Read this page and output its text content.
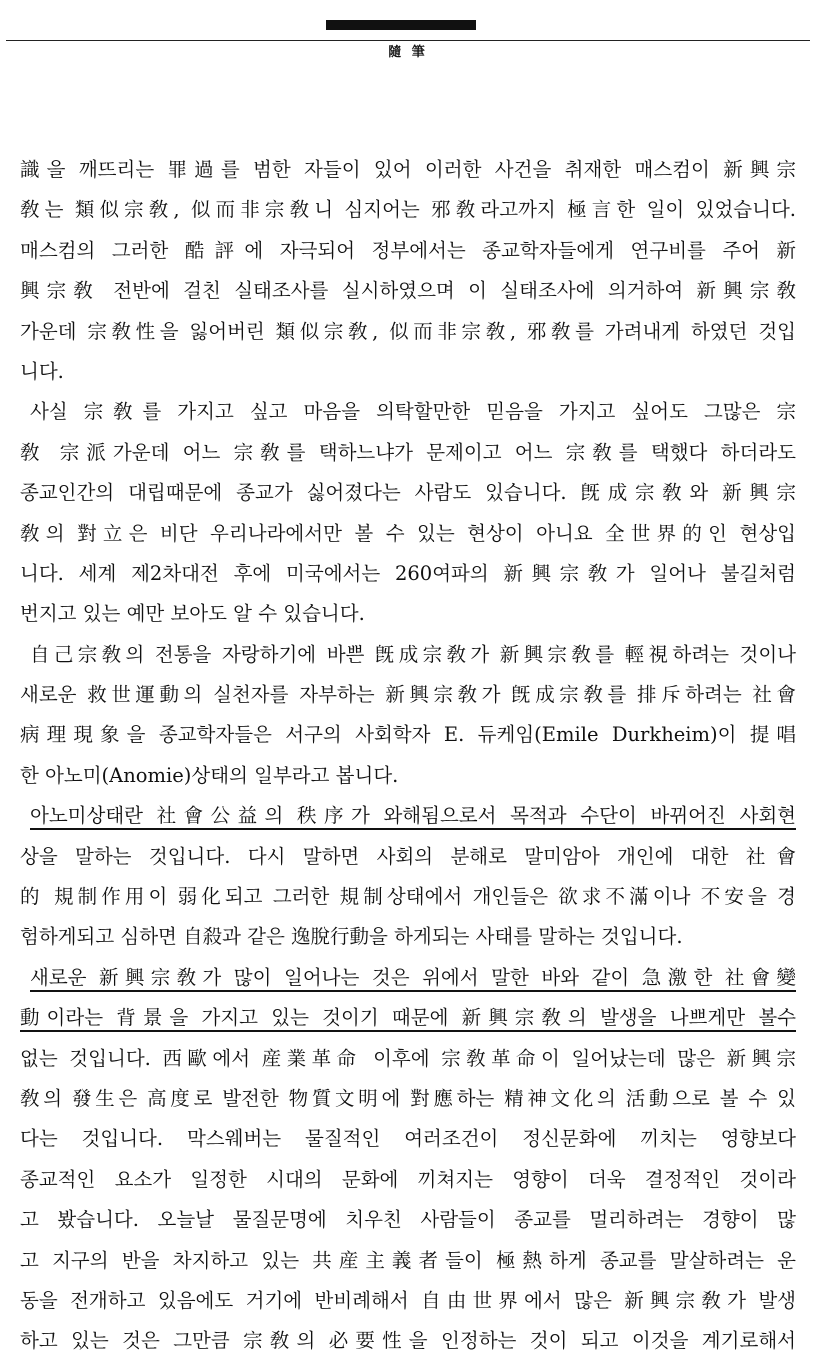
隨 筆
識을 깨뜨리는 罪過를 범한 자들이 있어 이러한 사건을 취재한 매스컴이 新興宗
敎는 類似宗敎, 似而非宗敎니 심지어는 邪敎라고까지 極言한 일이 있었습니다.
매스컴의 그러한 酷評에 자극되어 정부에서는 종교학자들에게 연구비를 주어 新
興宗敎 전반에 걸친 실태조사를 실시하였으며 이 실태조사에 의거하여 新興宗敎
가운데 宗敎性을 잃어버린 類似宗敎, 似而非宗敎, 邪敎를 가려내게 하였던 것입
니다.
사실 宗敎를 가지고 싶고 마음을 의탁할만한 믿음을 가지고 싶어도 그많은 宗
敎 宗派가운데 어느 宗敎를 택하느냐가 문제이고 어느 宗敎를 택했다 하더라도
종교인간의 대립때문에 종교가 싫어졌다는 사람도 있습니다. 旣成宗敎와 新興宗
敎의 對立은 비단 우리나라에서만 볼 수 있는 현상이 아니요 全世界的인 현상입
니다. 세계 제2차대전 후에 미국에서는 260여파의 新興宗敎가 일어나 불길처럼
번지고 있는 예만 보아도 알 수 있습니다.
自己宗敎의 전통을 자랑하기에 바쁜 旣成宗敎가 新興宗敎를 輕視하려는 것이나
새로운 救世運動의 실천자를 자부하는 新興宗敎가 旣成宗敎를 排斥하려는 社會
病理現象을 종교학자들은 서구의 사회학자 E. 듀케임(Emile Durkheim)이 提唱
한 아노미(Anomie)상태의 일부라고 봅니다.
아노미상태란 社會公益의 秩序가 와해됨으로서 목적과 수단이 바뀌어진 사회현
상을 말하는 것입니다. 다시 말하면 사회의 분해로 말미암아 개인에 대한 社會
的 規制作用이 弱化되고 그러한 規制상태에서 개인들은 欲求不滿이나 不安을 경
험하게되고 심하면 自殺과 같은 逸脫行動을 하게되는 사태를 말하는 것입니다.
새로운 新興宗敎가 많이 일어나는 것은 위에서 말한 바와 같이 急激한 社會變
動이라는 背景을 가지고 있는 것이기 때문에 新興宗敎의 발생을 나쁘게만 볼수
없는 것입니다. 西歐에서 産業革命 이후에 宗敎革命이 일어났는데 많은 新興宗
敎의 發生은 高度로 발전한 物質文明에 對應하는 精神文化의 活動으로 볼 수 있
다는 것입니다. 막스웨버는 물질적인 여러조건이 정신문화에 끼치는 영향보다
종교적인 요소가 일정한 시대의 문화에 끼쳐지는 영향이 더욱 결정적인 것이라
고 봤습니다. 오늘날 물질문명에 치우친 사람들이 종교를 멀리하려는 경향이 많
고 지구의 반을 차지하고 있는 共産主義者들이 極熱하게 종교를 말살하려는 운
동을 전개하고 있음에도 거기에 반비례해서 自由世界에서 많은 新興宗敎가 발생
하고 있는 것은 그만큼 宗敎의 必要性을 인정하는 것이 되고 이것을 계기로해서
